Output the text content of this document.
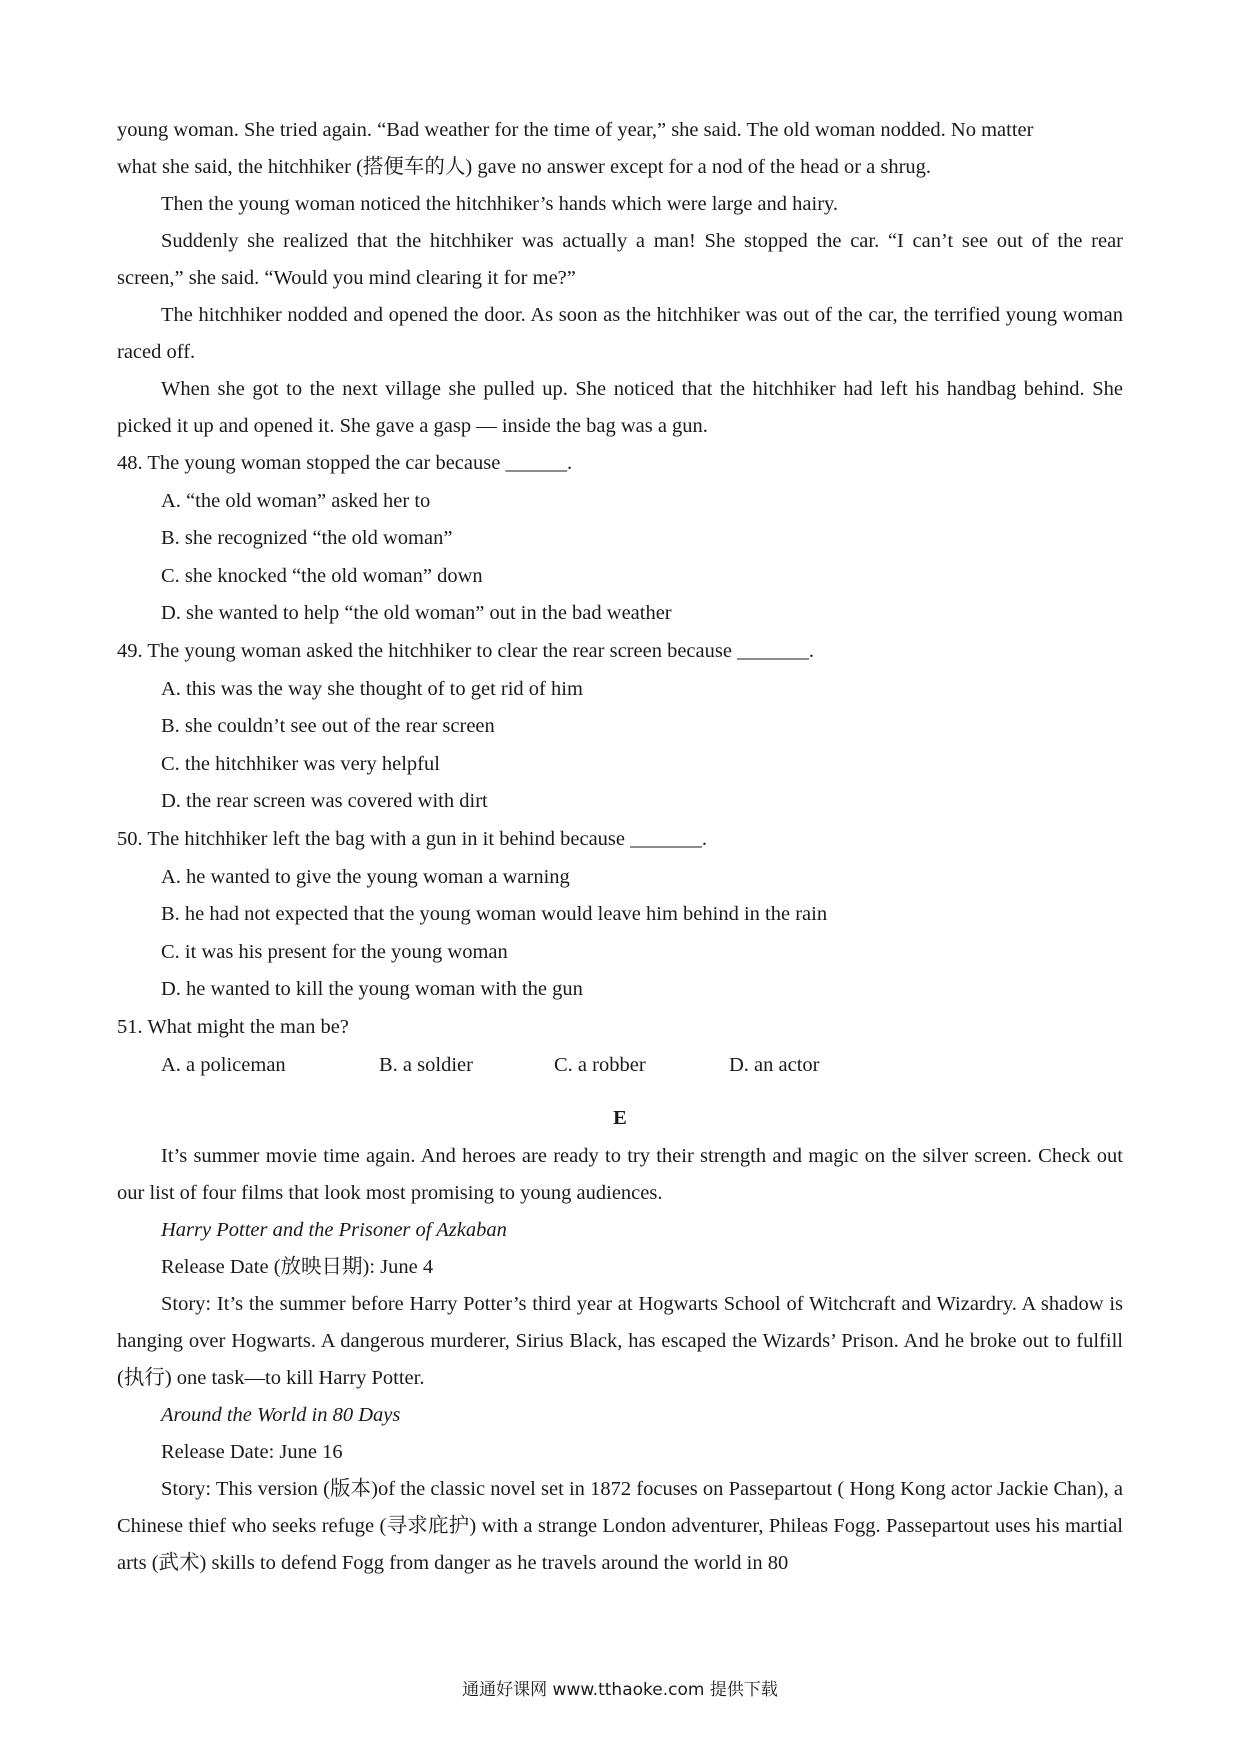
young woman. She tried again. “Bad weather for the time of year,” she said. The old woman nodded. No matter
what she said, the hitchhiker (搭便车的人) gave no answer except for a nod of the head or a shrug.

Then the young woman noticed the hitchhiker’s hands which were large and hairy.

Suddenly she realized that the hitchhiker was actually a man! She stopped the car. “I can’t see out of the rear screen,” she said. “Would you mind clearing it for me?”

The hitchhiker nodded and opened the door. As soon as the hitchhiker was out of the car, the terrified young woman raced off.

When she got to the next village she pulled up. She noticed that the hitchhiker had left his handbag behind. She picked it up and opened it. She gave a gasp — inside the bag was a gun.

48. The young woman stopped the car because ______.

A. “the old woman” asked her to

B. she recognized “the old woman”

C. she knocked “the old woman” down

D. she wanted to help “the old woman” out in the bad weather

49. The young woman asked the hitchhiker to clear the rear screen because _______.

A. this was the way she thought of to get rid of him

B. she couldn’t see out of the rear screen

C. the hitchhiker was very helpful

D. the rear screen was covered with dirt

50. The hitchhiker left the bag with a gun in it behind because _______.

A. he wanted to give the young woman a warning

B. he had not expected that the young woman would leave him behind in the rain

C. it was his present for the young woman

D. he wanted to kill the young woman with the gun

51. What might the man be?

A. a policeman	B. a soldier	C. a robber	D. an actor
E

It’s summer movie time again. And heroes are ready to try their strength and magic on the silver screen. Check out our list of four films that look most promising to young audiences.

Harry Potter and the Prisoner of Azkaban

Release Date (放映日期): June 4

Story: It’s the summer before Harry Potter’s third year at Hogwarts School of Witchcraft and Wizardry. A shadow is hanging over Hogwarts. A dangerous murderer, Sirius Black, has escaped the Wizards’ Prison. And he broke out to fulfill (执行) one task—to kill Harry Potter.

Around the World in 80 Days

Release Date: June 16

Story: This version (版本)of the classic novel set in 1872 focuses on Passepartout ( Hong Kong actor Jackie Chan), a Chinese thief who seeks refuge (寻求庇护) with a strange London adventurer, Phileas Fogg. Passepartout uses his martial arts (武术) skills to defend Fogg from danger as he travels around the world in 80

通通好课网 www.tthaoke.com 提供下载
